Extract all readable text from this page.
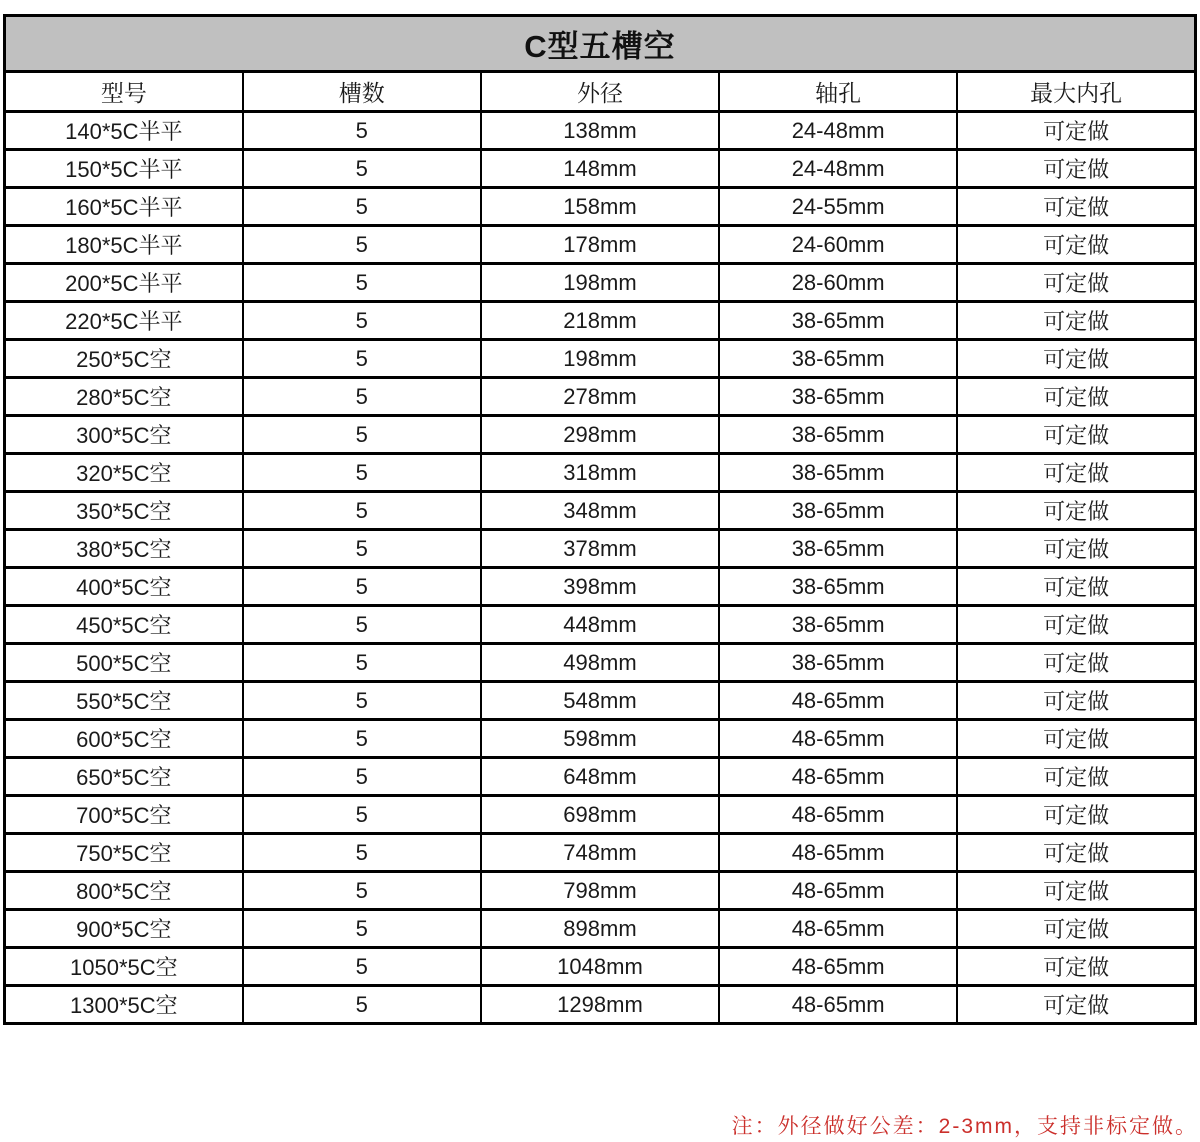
C型五槽空				
型号	槽数	外径	轴孔	最大内孔
140*5C半平	5	138mm	24-48mm	可定做
150*5C半平	5	148mm	24-48mm	可定做
160*5C半平	5	158mm	24-55mm	可定做
180*5C半平	5	178mm	24-60mm	可定做
200*5C半平	5	198mm	28-60mm	可定做
220*5C半平	5	218mm	38-65mm	可定做
250*5C空	5	198mm	38-65mm	可定做
280*5C空	5	278mm	38-65mm	可定做
300*5C空	5	298mm	38-65mm	可定做
320*5C空	5	318mm	38-65mm	可定做
350*5C空	5	348mm	38-65mm	可定做
380*5C空	5	378mm	38-65mm	可定做
400*5C空	5	398mm	38-65mm	可定做
450*5C空	5	448mm	38-65mm	可定做
500*5C空	5	498mm	38-65mm	可定做
550*5C空	5	548mm	48-65mm	可定做
600*5C空	5	598mm	48-65mm	可定做
650*5C空	5	648mm	48-65mm	可定做
700*5C空	5	698mm	48-65mm	可定做
750*5C空	5	748mm	48-65mm	可定做
800*5C空	5	798mm	48-65mm	可定做
900*5C空	5	898mm	48-65mm	可定做
1050*5C空	5	1048mm	48-65mm	可定做
1300*5C空	5	1298mm	48-65mm	可定做
注：外径做好公差：2-3mm，支持非标定做。
